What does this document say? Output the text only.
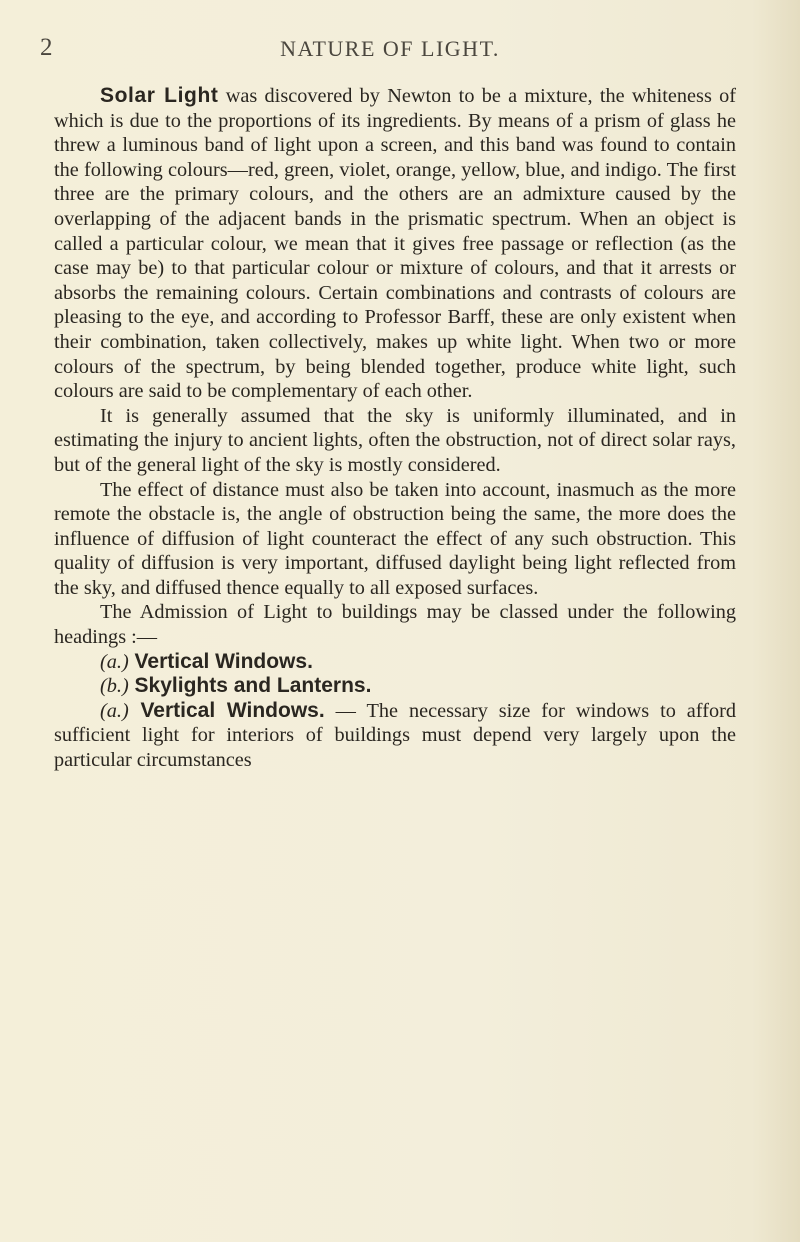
2	NATURE OF LIGHT.

Solar Light was discovered by Newton to be a mixture, the whiteness of which is due to the proportions of its ingredients. By means of a prism of glass he threw a luminous band of light upon a screen, and this band was found to contain the following colours—red, green, violet, orange, yellow, blue, and indigo. The first three are the primary colours, and the others are an admixture caused by the overlapping of the adjacent bands in the prismatic spectrum. When an object is called a particular colour, we mean that it gives free passage or reflection (as the case may be) to that particular colour or mixture of colours, and that it arrests or absorbs the remaining colours. Certain combinations and contrasts of colours are pleasing to the eye, and according to Professor Barff, these are only existent when their combination, taken collectively, makes up white light. When two or more colours of the spectrum, by being blended together, produce white light, such colours are said to be complementary of each other.

It is generally assumed that the sky is uniformly illuminated, and in estimating the injury to ancient lights, often the obstruction, not of direct solar rays, but of the general light of the sky is mostly considered.

The effect of distance must also be taken into account, inasmuch as the more remote the obstacle is, the angle of obstruction being the same, the more does the influence of diffusion of light counteract the effect of any such obstruction. This quality of diffusion is very important, diffused daylight being light reflected from the sky, and diffused thence equally to all exposed surfaces.

The Admission of Light to buildings may be classed under the following headings :—

(a.) Vertical Windows.

(b.) Skylights and Lanterns.

(a.) Vertical Windows. — The necessary size for windows to afford sufficient light for interiors of buildings must depend very largely upon the particular circumstances
